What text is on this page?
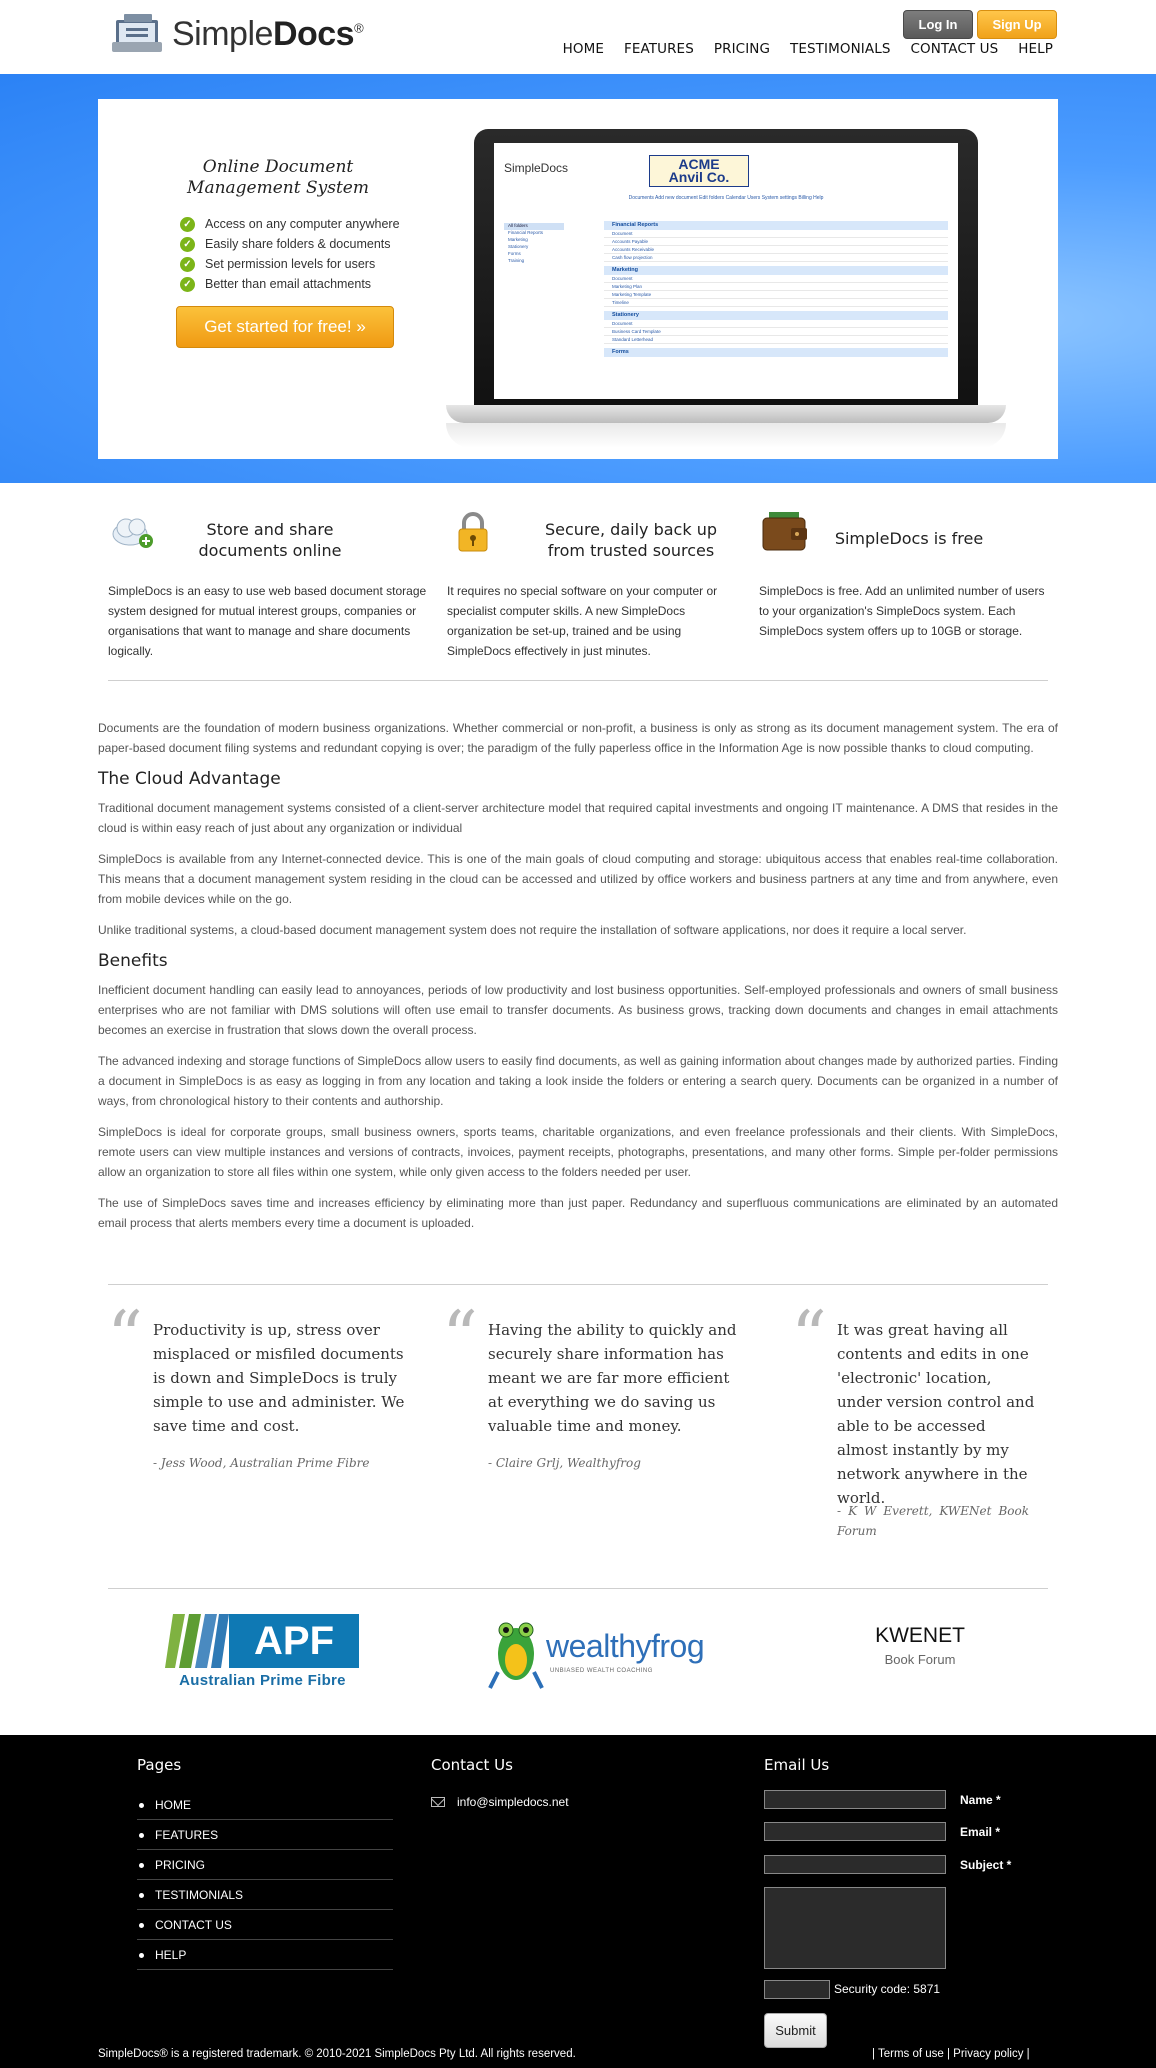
SimpleDocs®	Log In	Sign Up
HOME FEATURES PRICING TESTIMONIALS CONTACT US HELP
Online Document Management System
✓ Access on any computer anywhere
✓ Easily share folders & documents
✓ Set permission levels for users
✓ Better than email attachments
Get started for free! »
SimpleDocs	ACME
Anvil Co.
Documents Add new document Edit folders Calendar Users System settings Billing Help
All folders
Financial Reports
Marketing
Stationery
Forms
Training
Financial Reports
Document
Accounts Payable
Accounts Receivable
Cash flow projection
Marketing
Document
Marketing Plan
Marketing Template
Timeline
Stationery
Document
Business Card Template
Standard Letterhead
Forms
Store and share documents online
SimpleDocs is an easy to use web based document storage system designed for mutual interest groups, companies or organisations that want to manage and share documents logically.
Secure, daily back up from trusted sources
It requires no special software on your computer or specialist computer skills. A new SimpleDocs organization be set-up, trained and be using SimpleDocs effectively in just minutes.
SimpleDocs is free
SimpleDocs is free. Add an unlimited number of users to your organization's SimpleDocs system. Each SimpleDocs system offers up to 10GB or storage.

Documents are the foundation of modern business organizations. Whether commercial or non-profit, a business is only as strong as its document management system. The era of paper-based document filing systems and redundant copying is over; the paradigm of the fully paperless office in the Information Age is now possible thanks to cloud computing.

The Cloud Advantage

Traditional document management systems consisted of a client-server architecture model that required capital investments and ongoing IT maintenance. A DMS that resides in the cloud is within easy reach of just about any organization or individual

SimpleDocs is available from any Internet-connected device. This is one of the main goals of cloud computing and storage: ubiquitous access that enables real-time collaboration. This means that a document management system residing in the cloud can be accessed and utilized by office workers and business partners at any time and from anywhere, even from mobile devices while on the go.

Unlike traditional systems, a cloud-based document management system does not require the installation of software applications, nor does it require a local server.

Benefits

Inefficient document handling can easily lead to annoyances, periods of low productivity and lost business opportunities. Self-employed professionals and owners of small business enterprises who are not familiar with DMS solutions will often use email to transfer documents. As business grows, tracking down documents and changes in email attachments becomes an exercise in frustration that slows down the overall process.

The advanced indexing and storage functions of SimpleDocs allow users to easily find documents, as well as gaining information about changes made by authorized parties. Finding a document in SimpleDocs is as easy as logging in from any location and taking a look inside the folders or entering a search query. Documents can be organized in a number of ways, from chronological history to their contents and authorship.

SimpleDocs is ideal for corporate groups, small business owners, sports teams, charitable organizations, and even freelance professionals and their clients. With SimpleDocs, remote users can view multiple instances and versions of contracts, invoices, payment receipts, photographs, presentations, and many other forms. Simple per-folder permissions allow an organization to store all files within one system, while only given access to the folders needed per user.

The use of SimpleDocs saves time and increases efficiency by eliminating more than just paper. Redundancy and superfluous communications are eliminated by an automated email process that alerts members every time a document is uploaded.

“ Productivity is up, stress over misplaced or misfiled documents is down and SimpleDocs is truly simple to use and administer. We save time and cost.
- Jess Wood, Australian Prime Fibre
“ Having the ability to quickly and securely share information has meant we are far more efficient at everything we do saving us valuable time and money.
- Claire Grlj, Wealthyfrog
“ It was great having all contents and edits in one 'electronic' location, under version control and able to be accessed almost instantly by my network anywhere in the world.
- K W Everett, KWENet Book Forum
APF
Australian Prime Fibre
wealthyfrog
UNBIASED WEALTH COACHING
KWENET
Book Forum
Pages
HOME
FEATURES
PRICING
TESTIMONIALS
CONTACT US
HELP
Contact Us
info@simpledocs.net
Email Us
Name *
Email *
Subject *
Security code: 5871
Submit
SimpleDocs® is a registered trademark. © 2010-2021 SimpleDocs Pty Ltd. All rights reserved.	| Terms of use | Privacy policy |
